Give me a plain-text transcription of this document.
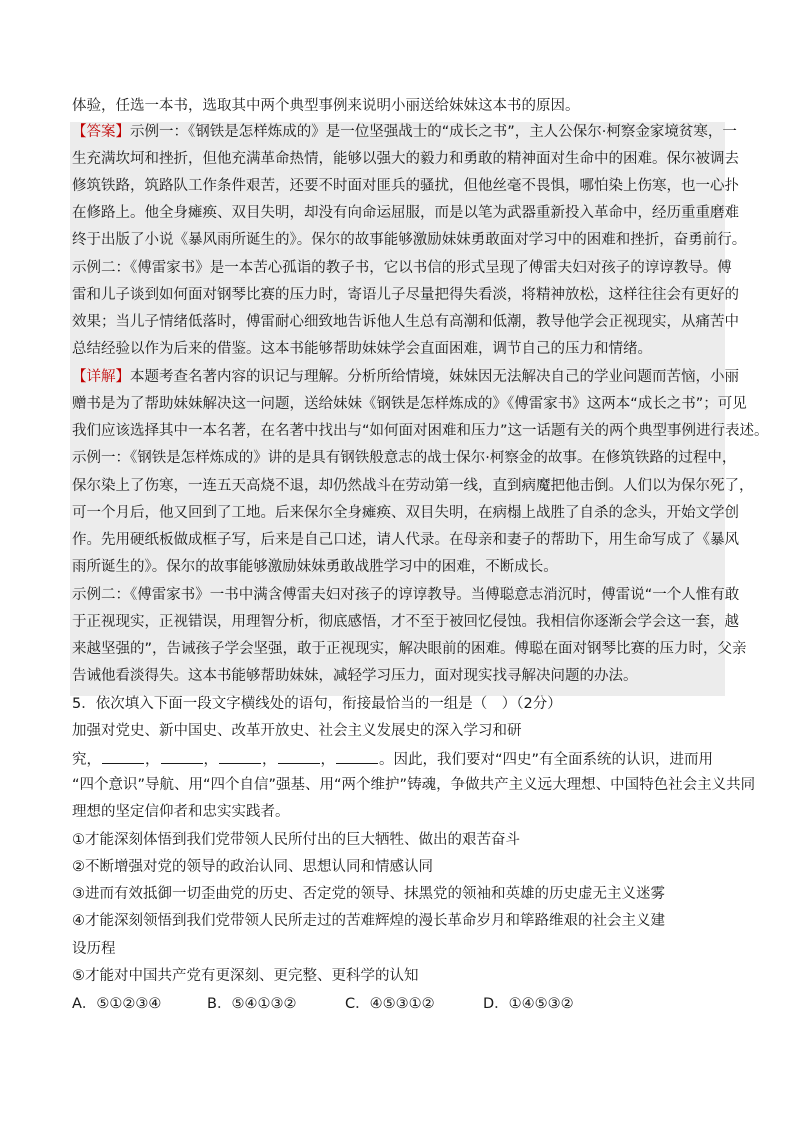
体验，任选一本书，选取其中两个典型事例来说明小丽送给妹妹这本书的原因。
【答案】示例一：《钢铁是怎样炼成的》是一位坚强战士的“成长之书”，主人公保尔·柯察金家境贫寒，一
生充满坎坷和挫折，但他充满革命热情，能够以强大的毅力和勇敢的精神面对生命中的困难。保尔被调去
修筑铁路，筑路队工作条件艰苦，还要不时面对匪兵的骚扰，但他丝毫不畏惧，哪怕染上伤寒，也一心扑
在修路上。他全身瘫痪、双目失明，却没有向命运屈服，而是以笔为武器重新投入革命中，经历重重磨难
终于出版了小说《暴风雨所诞生的》。保尔的故事能够激励妹妹勇敢面对学习中的困难和挫折，奋勇前行。
示例二：《傅雷家书》是一本苦心孤诣的教子书，它以书信的形式呈现了傅雷夫妇对孩子的谆谆教导。傅
雷和儿子谈到如何面对钢琴比赛的压力时，寄语儿子尽量把得失看淡，将精神放松，这样往往会有更好的
效果；当儿子情绪低落时，傅雷耐心细致地告诉他人生总有高潮和低潮，教导他学会正视现实，从痛苦中
总结经验以作为后来的借鉴。这本书能够帮助妹妹学会直面困难，调节自己的压力和情绪。
【详解】本题考查名著内容的识记与理解。分析所给情境，妹妹因无法解决自己的学业问题而苦恼，小丽
赠书是为了帮助妹妹解决这一问题，送给妹妹《钢铁是怎样炼成的》《傅雷家书》这两本“成长之书”；可见
我们应该选择其中一本名著，在名著中找出与“如何面对困难和压力”这一话题有关的两个典型事例进行表述。
示例一：《钢铁是怎样炼成的》讲的是具有钢铁般意志的战士保尔·柯察金的故事。在修筑铁路的过程中，
保尔染上了伤寒，一连五天高烧不退，却仍然战斗在劳动第一线，直到病魔把他击倒。人们以为保尔死了，
可一个月后，他又回到了工地。后来保尔全身瘫痪、双目失明，在病榻上战胜了自杀的念头，开始文学创
作。先用硬纸板做成框子写，后来是自己口述，请人代录。在母亲和妻子的帮助下，用生命写成了《暴风
雨所诞生的》。保尔的故事能够激励妹妹勇敢战胜学习中的困难，不断成长。
示例二：《傅雷家书》一书中满含傅雷夫妇对孩子的谆谆教导。当傅聪意志消沉时，傅雷说“一个人惟有敢
于正视现实，正视错误，用理智分析，彻底感悟，才不至于被回忆侵蚀。我相信你逐渐会学会这一套，越
来越坚强的”，告诫孩子学会坚强，敢于正视现实，解决眼前的困难。傅聪在面对钢琴比赛的压力时，父亲
告诫他看淡得失。这本书能够帮助妹妹，减轻学习压力，面对现实找寻解决问题的办法。
5．依次填入下面一段文字横线处的语句，衔接最恰当的一组是（　）（2分）
加强对党史、新中国史、改革开放史、社会主义发展史的深入学习和研
究，	，	，	，	，	。因此，我们要对“四史”有全面系统的认识，进而用
“四个意识”导航、用“四个自信”强基、用“两个维护”铸魂，争做共产主义远大理想、中国特色社会主义共同
理想的坚定信仰者和忠实实践者。
①才能深刻体悟到我们党带领人民所付出的巨大牺牲、做出的艰苦奋斗
②不断增强对党的领导的政治认同、思想认同和情感认同
③进而有效抵御一切歪曲党的历史、否定党的领导、抹黑党的领袖和英雄的历史虚无主义迷雾
④才能深刻领悟到我们党带领人民所走过的苦难辉煌的漫长革命岁月和筚路维艰的社会主义建
设历程
⑤才能对中国共产党有更深刻、更完整、更科学的认知
A．⑤①②③④	B．⑤④①③②	C．④⑤③①②	D．①④⑤③②
